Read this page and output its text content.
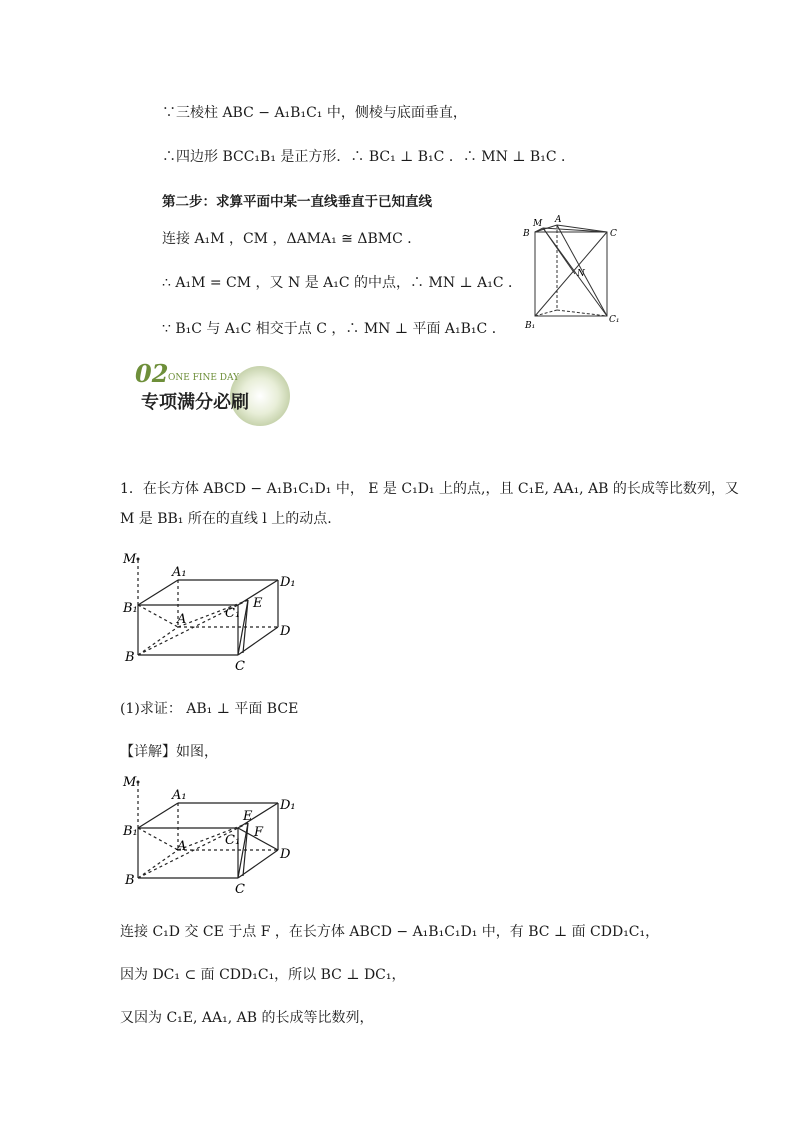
∵三棱柱 ABC − A₁B₁C₁ 中，侧棱与底面垂直，
∴四边形 BCC₁B₁ 是正方形．∴ BC₁ ⊥ B₁C ．∴ MN ⊥ B₁C ．
第二步：求算平面中某一直线垂直于已知直线
连接 A₁M ，CM ，ΔAMA₁ ≅ ΔBMC ．
∴ A₁M = CM ，又 N 是 A₁C 的中点，∴ MN ⊥ A₁C ．
∵ B₁C 与 A₁C 相交于点 C ，∴ MN ⊥ 平面 A₁B₁C ．
M A
B	C
N
B₁
C₁
02 ONE FINE DAY
专项满分必刷
1．在长方体 ABCD − A₁B₁C₁D₁ 中， E 是 C₁D₁ 上的点,，且 C₁E, AA₁, AB 的长成等比数列，又
M 是 BB₁ 所在的直线 l 上的动点.
M
A₁
D₁
B₁	E
C₁
A
D
B
C
(1)求证： AB₁ ⊥ 平面 BCE
【详解】如图，
M
A₁
D₁
B₁
E
F
C₁
A
D
B
C
连接 C₁D 交 CE 于点 F ，在长方体 ABCD − A₁B₁C₁D₁ 中，有 BC ⊥ 面 CDD₁C₁，
因为 DC₁ ⊂ 面 CDD₁C₁，所以 BC ⊥ DC₁，
又因为 C₁E, AA₁, AB 的长成等比数列，
